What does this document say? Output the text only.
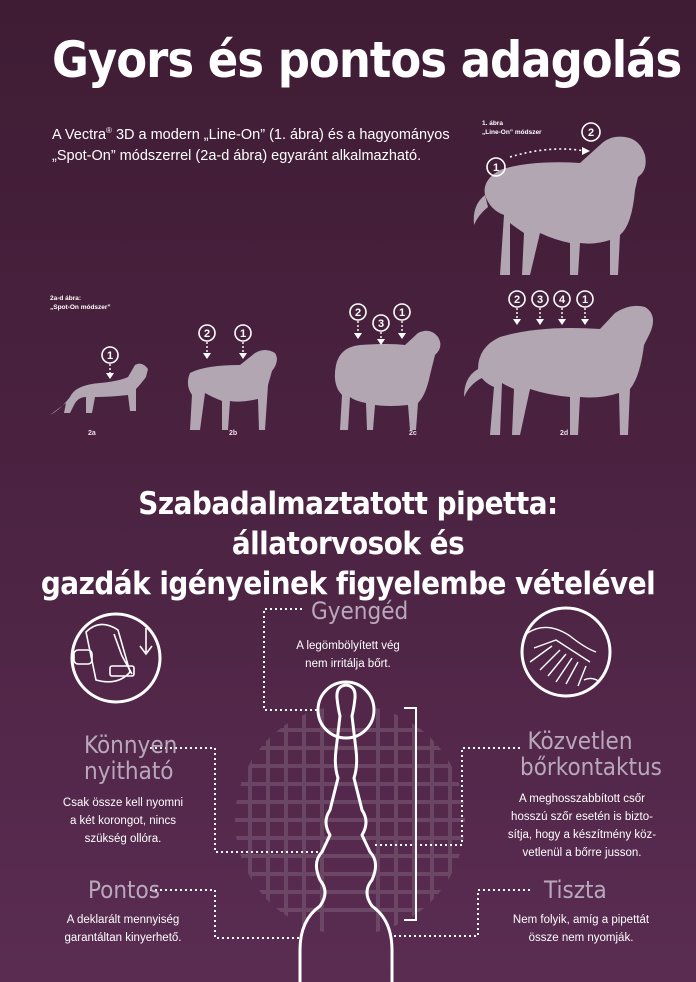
Gyors és pontos adagolás
A Vectra® 3D a modern „Line-On” (1. ábra) és a hagyományos „Spot-On” módszerrel (2a-d ábra) egyaránt alkalmazható.
1. ábra
„Line-On” módszer
1
2
2a-d ábra:
„Spot-On módszer”
1
2	1
2
3
1
2 3 4 1
2a	2b	2c	2d
Szabadalmaztatott pipetta: állatorvosok és
gazdák igényeinek figyelembe vételével
Gyengéd
A legömbölyített vég
nem irritálja bőrt.
Könnyen
nyitható
Csak össze kell nyomni
a két korongot, nincs
szükség ollóra.
Közvetlen
bőrkontaktus
A meghosszabbított csőr
hosszú szőr esetén is bizto-
sítja, hogy a készítmény köz-
vetlenül a bőrre jusson.
Pontos
A deklarált mennyiség
garantáltan kinyerhető.
Tiszta
Nem folyik, amíg a pipettát
össze nem nyomják.
